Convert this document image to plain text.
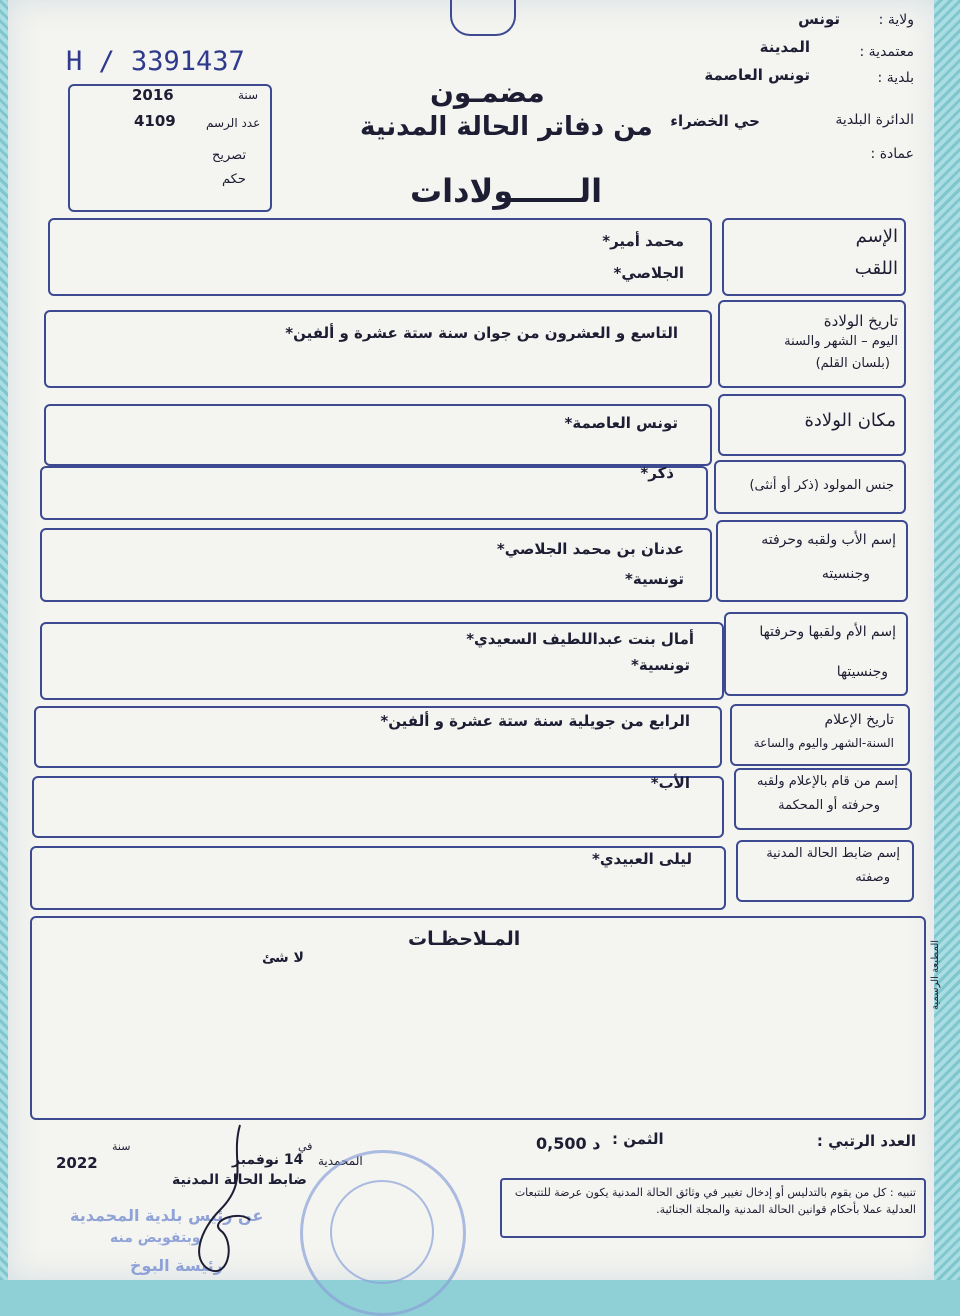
تونس	ولاية :
المدينة	معتمدية :
تونس العاصمة	بلدية :
حي الخضراء	الدائرة البلدية
عمادة :
مضمـون
من دفاتر الحالة المدنية
الــــــولادات
H / 3391437
2016	سنة
4109	عدد الرسم
تصريح
حكم
الإسم
اللقب
محمد أمير*
الجلاصي*
تاريخ الولادة
اليوم – الشهر والسنة
(بلسان القلم)
التاسع و العشرون من جوان سنة ستة عشرة و ألفين*
مكان الولادة
تونس العاصمة*
جنس المولود (ذكر أو أنثى)
ذكر*
إسم الأب ولقبه وحرفته
وجنسيته
عدنان بن محمد الجلاصي*
تونسية*
إسم الأم ولقبها وحرفتها
وجنسيتها
أمال بنت عبداللطيف السعيدي*
تونسية*
تاريخ الإعلام
السنة-الشهر واليوم والساعة
الرابع من جويلية سنة ستة عشرة و ألفين*
إسم من قام بالإعلام ولقبه
وحرفته أو المحكمة
الأب*
إسم ضابط الحالة المدنية
وصفته
ليلى العبيدي*
المـلاحظـات
لا شئ	المطبعة الرسمية
العدد الرتبي :
الثمن :
0,500 د
المحمدية
في
14 نوفمبر
سنة
2022
ضابط الحالة المدنية
عن رئيس بلدية المحمدية
وبتفويض منه
رئيسة البوخ
تنبيه : كل من يقوم بالتدليس أو إدخال تغيير في وثائق الحالة المدنية يكون عرضة للتتبعات العدلية عملا بأحكام قوانين الحالة المدنية والمجلة الجنائية.
